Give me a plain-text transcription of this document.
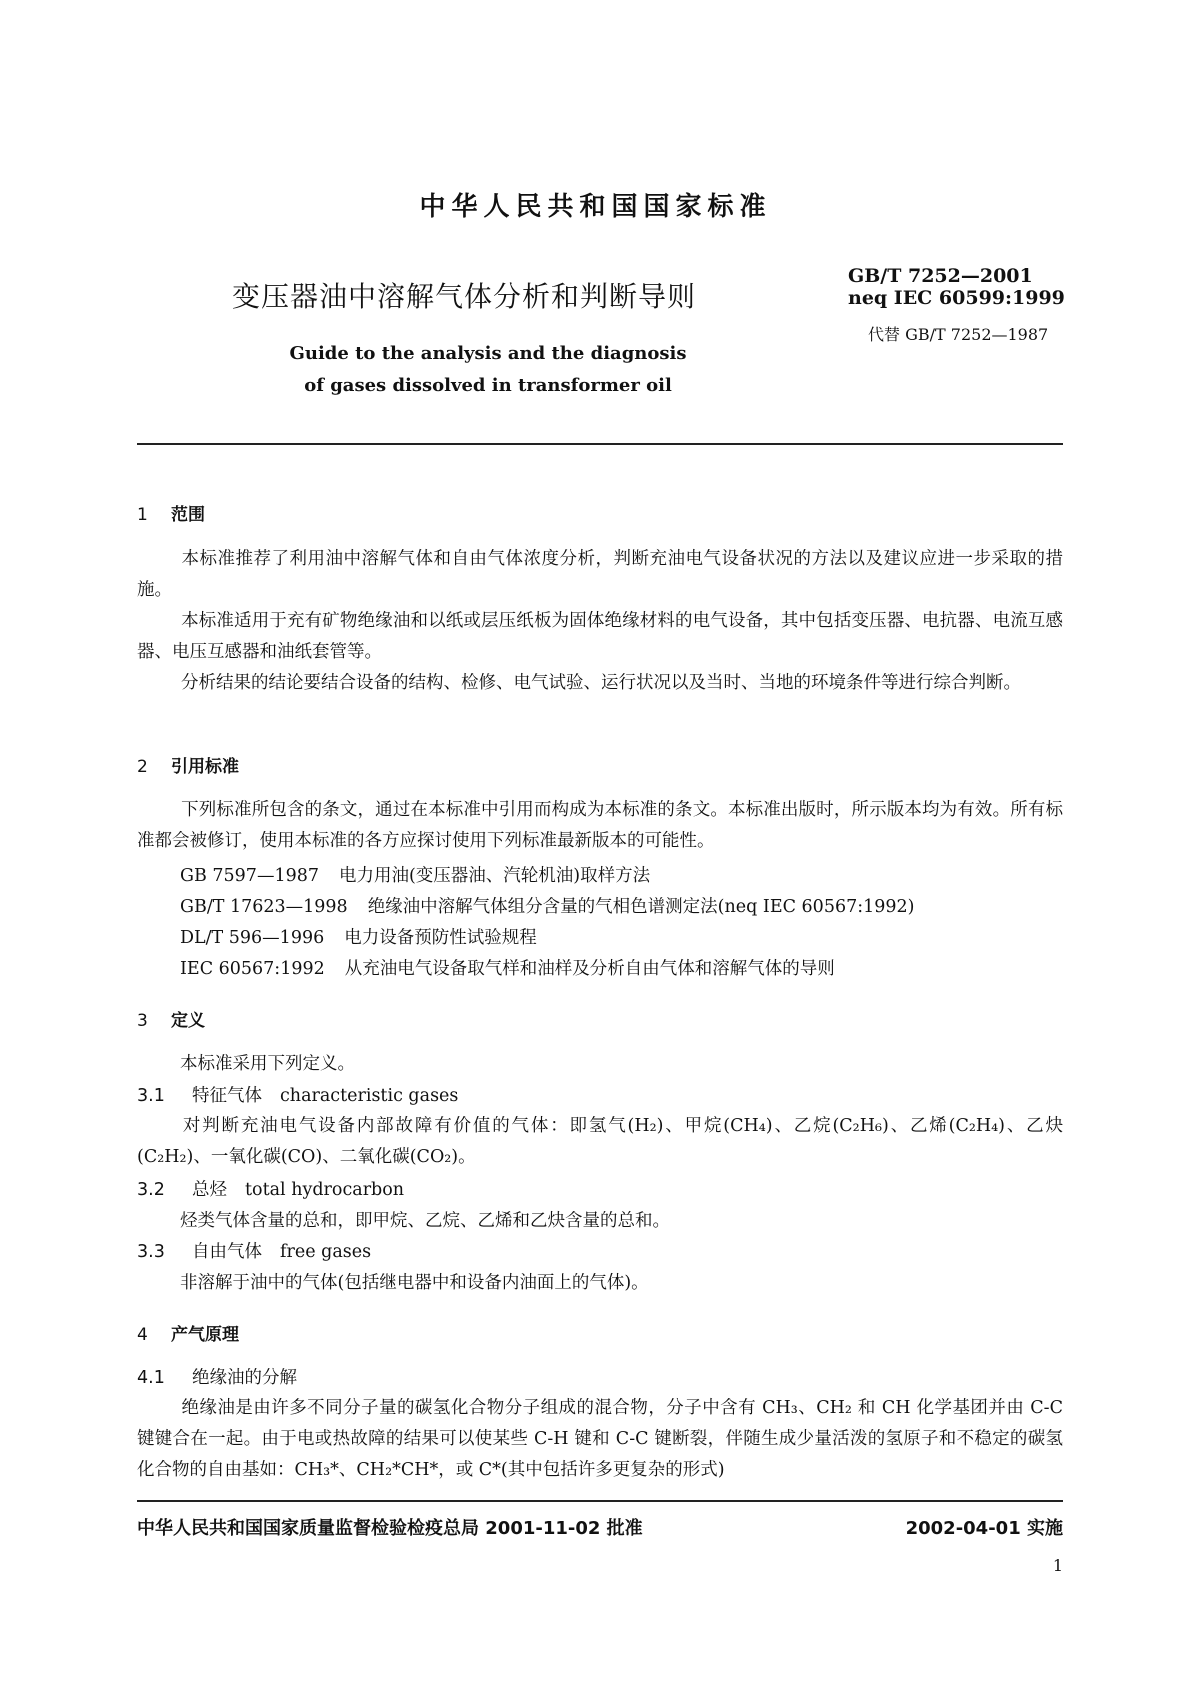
中华人民共和国国家标准
变压器油中溶解气体分析和判断导则
GB/T 7252—2001
neq IEC 60599:1999
代替 GB/T 7252—1987
Guide to the analysis and the diagnosis
of gases dissolved in transformer oil
1 范围
本标准推荐了利用油中溶解气体和自由气体浓度分析，判断充油电气设备状况的方法以及建议应进一步采取的措施。
本标准适用于充有矿物绝缘油和以纸或层压纸板为固体绝缘材料的电气设备，其中包括变压器、电抗器、电流互感器、电压互感器和油纸套管等。
分析结果的结论要结合设备的结构、检修、电气试验、运行状况以及当时、当地的环境条件等进行综合判断。
2 引用标准
下列标准所包含的条文，通过在本标准中引用而构成为本标准的条文。本标准出版时，所示版本均为有效。所有标准都会被修订，使用本标准的各方应探讨使用下列标准最新版本的可能性。
GB 7597—1987 电力用油(变压器油、汽轮机油)取样方法
GB/T 17623—1998 绝缘油中溶解气体组分含量的气相色谱测定法(neq IEC 60567:1992)
DL/T 596—1996 电力设备预防性试验规程
IEC 60567:1992 从充油电气设备取气样和油样及分析自由气体和溶解气体的导则
3 定义
本标准采用下列定义。
3.1 特征气体 characteristic gases
对判断充油电气设备内部故障有价值的气体：即氢气(H₂)、甲烷(CH₄)、乙烷(C₂H₆)、乙烯(C₂H₄)、乙炔(C₂H₂)、一氧化碳(CO)、二氧化碳(CO₂)。
3.2 总烃 total hydrocarbon
烃类气体含量的总和，即甲烷、乙烷、乙烯和乙炔含量的总和。
3.3 自由气体 free gases
非溶解于油中的气体(包括继电器中和设备内油面上的气体)。
4 产气原理
4.1 绝缘油的分解
绝缘油是由许多不同分子量的碳氢化合物分子组成的混合物，分子中含有 CH₃、CH₂ 和 CH 化学基团并由 C-C 键键合在一起。由于电或热故障的结果可以使某些 C-H 键和 C-C 键断裂，伴随生成少量活泼的氢原子和不稳定的碳氢化合物的自由基如：CH₃*、CH₂*CH*，或 C*(其中包括许多更复杂的形式)
中华人民共和国国家质量监督检验检疫总局 2001-11-02 批准	2002-04-01 实施
1
